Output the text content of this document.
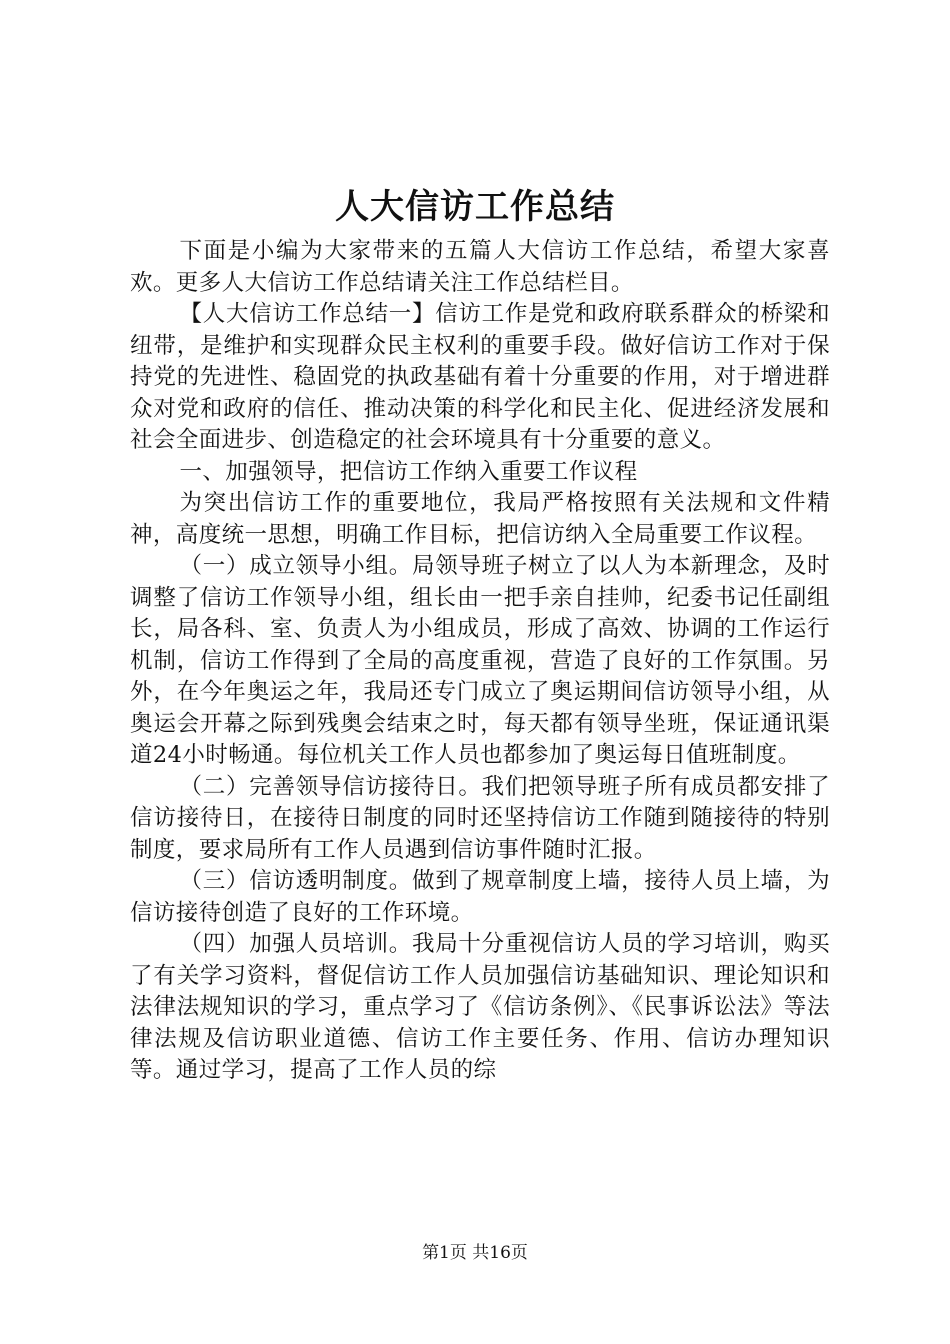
人大信访工作总结

下面是小编为大家带来的五篇人大信访工作总结，希望大家喜欢。更多人大信访工作总结请关注工作总结栏目。

【人大信访工作总结一】信访工作是党和政府联系群众的桥梁和纽带，是维护和实现群众民主权利的重要手段。做好信访工作对于保持党的先进性、稳固党的执政基础有着十分重要的作用，对于增进群众对党和政府的信任、推动决策的科学化和民主化、促进经济发展和社会全面进步、创造稳定的社会环境具有十分重要的意义。

一、加强领导，把信访工作纳入重要工作议程

为突出信访工作的重要地位，我局严格按照有关法规和文件精神，高度统一思想，明确工作目标，把信访纳入全局重要工作议程。

（一）成立领导小组。局领导班子树立了以人为本新理念，及时调整了信访工作领导小组，组长由一把手亲自挂帅，纪委书记任副组长，局各科、室、负责人为小组成员，形成了高效、协调的工作运行机制，信访工作得到了全局的高度重视，营造了良好的工作氛围。另外，在今年奥运之年，我局还专门成立了奥运期间信访领导小组，从奥运会开幕之际到残奥会结束之时，每天都有领导坐班，保证通讯渠道24小时畅通。每位机关工作人员也都参加了奥运每日值班制度。

（二）完善领导信访接待日。我们把领导班子所有成员都安排了信访接待日，在接待日制度的同时还坚持信访工作随到随接待的特别制度，要求局所有工作人员遇到信访事件随时汇报。

（三）信访透明制度。做到了规章制度上墙，接待人员上墙，为信访接待创造了良好的工作环境。

（四）加强人员培训。我局十分重视信访人员的学习培训，购买了有关学习资料，督促信访工作人员加强信访基础知识、理论知识和法律法规知识的学习，重点学习了《信访条例》、《民事诉讼法》等法律法规及信访职业道德、信访工作主要任务、作用、信访办理知识等。通过学习，提高了工作人员的综

第1页 共16页
